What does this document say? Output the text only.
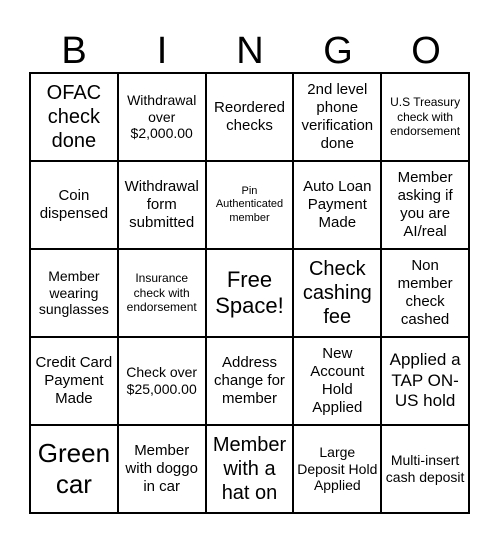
B	I	N	G	O
OFAC check done
Withdrawal over $2,000.00
Reordered checks
2nd level phone verification done
U.S Treasury check with endorsement
Coin dispensed
Withdrawal form submitted
Pin Authenticated member
Auto Loan Payment Made
Member asking if you are AI/real
Member wearing sunglasses
Insurance check with endorsement
Free Space!
Check cashing fee
Non member check cashed
Credit Card Payment Made
Check over $25,000.00
Address change for member
New Account Hold Applied
Applied a TAP ON-US hold
Green car
Member with doggo in car
Member with a hat on
Large Deposit Hold Applied
Multi-insert cash deposit
